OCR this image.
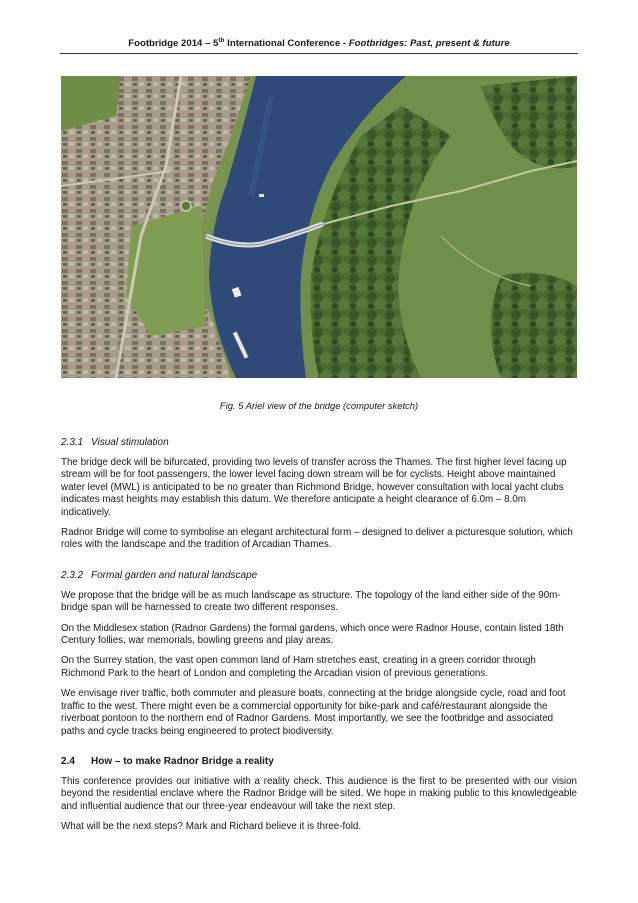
Footbridge 2014 – 5th International Conference - Footbridges: Past, present & future
Fig. 5 Ariel view of the bridge (computer sketch)
2.3.1 Visual stimulation

The bridge deck will be bifurcated, providing two levels of transfer across the Thames. The first higher level facing up stream will be for foot passengers, the lower level facing down stream will be for cyclists. Height above maintained water level (MWL) is anticipated to be no greater than Richmond Bridge, however consultation with local yacht clubs indicates mast heights may establish this datum. We therefore anticipate a height clearance of 6.0m – 8.0m indicatively.

Radnor Bridge will come to symbolise an elegant architectural form – designed to deliver a picturesque solution, which roles with the landscape and the tradition of Arcadian Thames.

2.3.2 Formal garden and natural landscape

We propose that the bridge will be as much landscape as structure. The topology of the land either side of the 90m-bridge span will be harnessed to create two different responses.

On the Middlesex station (Radnor Gardens) the formal gardens, which once were Radnor House, contain listed 18th Century follies, war memorials, bowling greens and play areas.

On the Surrey station, the vast open common land of Ham stretches east, creating in a green corridor through Richmond Park to the heart of London and completing the Arcadian vision of previous generations.

We envisage river traffic, both commuter and pleasure boats, connecting at the bridge alongside cycle, road and foot traffic to the west. There might even be a commercial opportunity for bike-park and café/restaurant alongside the riverboat pontoon to the northern end of Radnor Gardens. Most importantly, we see the footbridge and associated paths and cycle tracks being engineered to protect biodiversity.

2.4 How – to make Radnor Bridge a reality

This conference provides our initiative with a reality check. This audience is the first to be presented with our vision beyond the residential enclave where the Radnor Bridge will be sited. We hope in making public to this knowledgeable and influential audience that our three-year endeavour will take the next step.

What will be the next steps? Mark and Richard believe it is three-fold.
